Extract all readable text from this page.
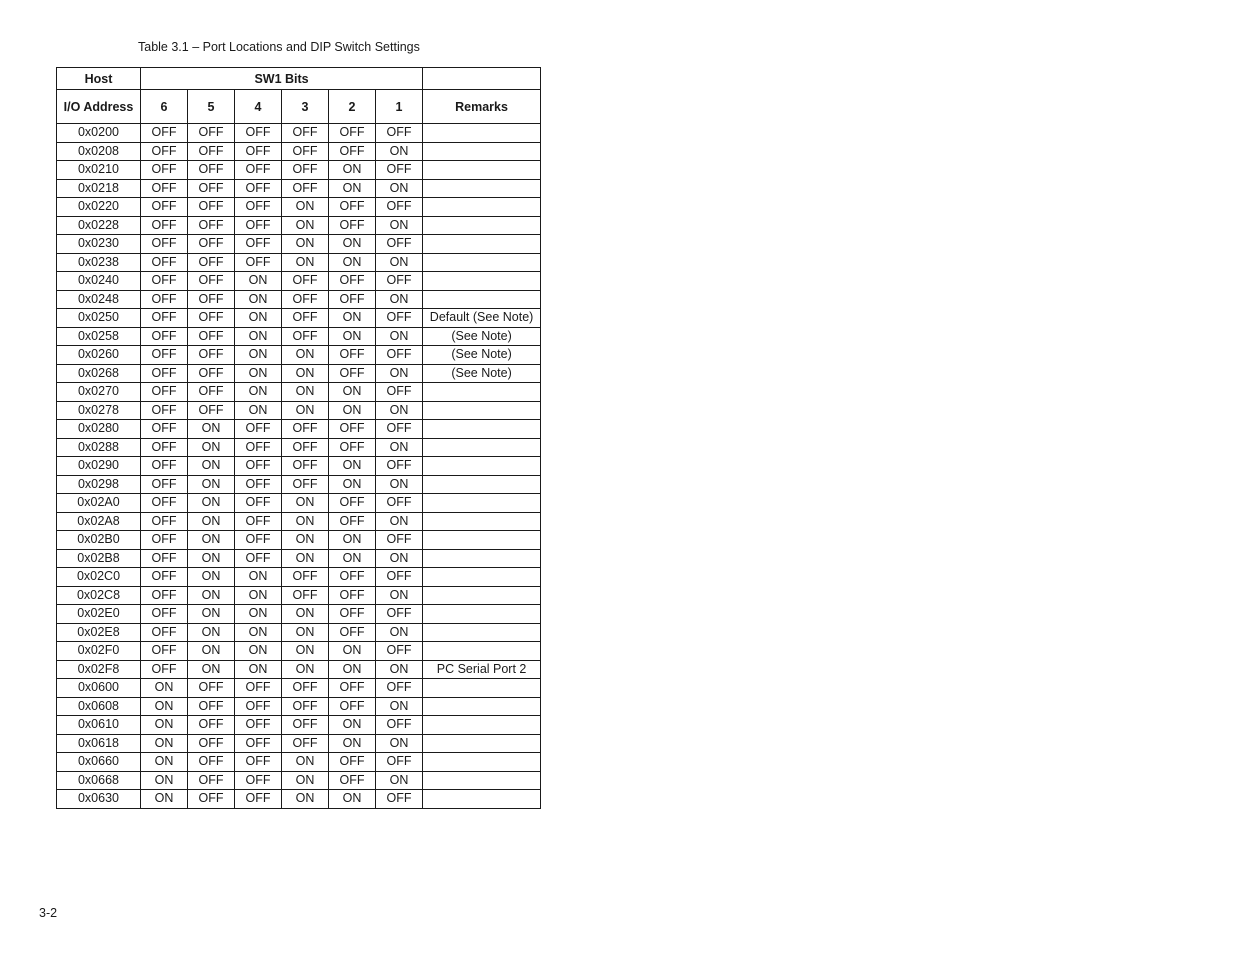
Table 3.1 – Port Locations and DIP Switch Settings
Host	SW1 Bits						
I/O Address	6	5	4	3	2	1	Remarks
0x0200	OFF	OFF	OFF	OFF	OFF	OFF	
0x0208	OFF	OFF	OFF	OFF	OFF	ON	
0x0210	OFF	OFF	OFF	OFF	ON	OFF	
0x0218	OFF	OFF	OFF	OFF	ON	ON	
0x0220	OFF	OFF	OFF	ON	OFF	OFF	
0x0228	OFF	OFF	OFF	ON	OFF	ON	
0x0230	OFF	OFF	OFF	ON	ON	OFF	
0x0238	OFF	OFF	OFF	ON	ON	ON	
0x0240	OFF	OFF	ON	OFF	OFF	OFF	
0x0248	OFF	OFF	ON	OFF	OFF	ON	
0x0250	OFF	OFF	ON	OFF	ON	OFF	Default (See Note)
0x0258	OFF	OFF	ON	OFF	ON	ON	(See Note)
0x0260	OFF	OFF	ON	ON	OFF	OFF	(See Note)
0x0268	OFF	OFF	ON	ON	OFF	ON	(See Note)
0x0270	OFF	OFF	ON	ON	ON	OFF	
0x0278	OFF	OFF	ON	ON	ON	ON	
0x0280	OFF	ON	OFF	OFF	OFF	OFF	
0x0288	OFF	ON	OFF	OFF	OFF	ON	
0x0290	OFF	ON	OFF	OFF	ON	OFF	
0x0298	OFF	ON	OFF	OFF	ON	ON	
0x02A0	OFF	ON	OFF	ON	OFF	OFF	
0x02A8	OFF	ON	OFF	ON	OFF	ON	
0x02B0	OFF	ON	OFF	ON	ON	OFF	
0x02B8	OFF	ON	OFF	ON	ON	ON	
0x02C0	OFF	ON	ON	OFF	OFF	OFF	
0x02C8	OFF	ON	ON	OFF	OFF	ON	
0x02E0	OFF	ON	ON	ON	OFF	OFF	
0x02E8	OFF	ON	ON	ON	OFF	ON	
0x02F0	OFF	ON	ON	ON	ON	OFF	
0x02F8	OFF	ON	ON	ON	ON	ON	PC Serial Port 2
0x0600	ON	OFF	OFF	OFF	OFF	OFF	
0x0608	ON	OFF	OFF	OFF	OFF	ON	
0x0610	ON	OFF	OFF	OFF	ON	OFF	
0x0618	ON	OFF	OFF	OFF	ON	ON	
0x0660	ON	OFF	OFF	ON	OFF	OFF	
0x0668	ON	OFF	OFF	ON	OFF	ON	
0x0630	ON	OFF	OFF	ON	ON	OFF	
3-2
